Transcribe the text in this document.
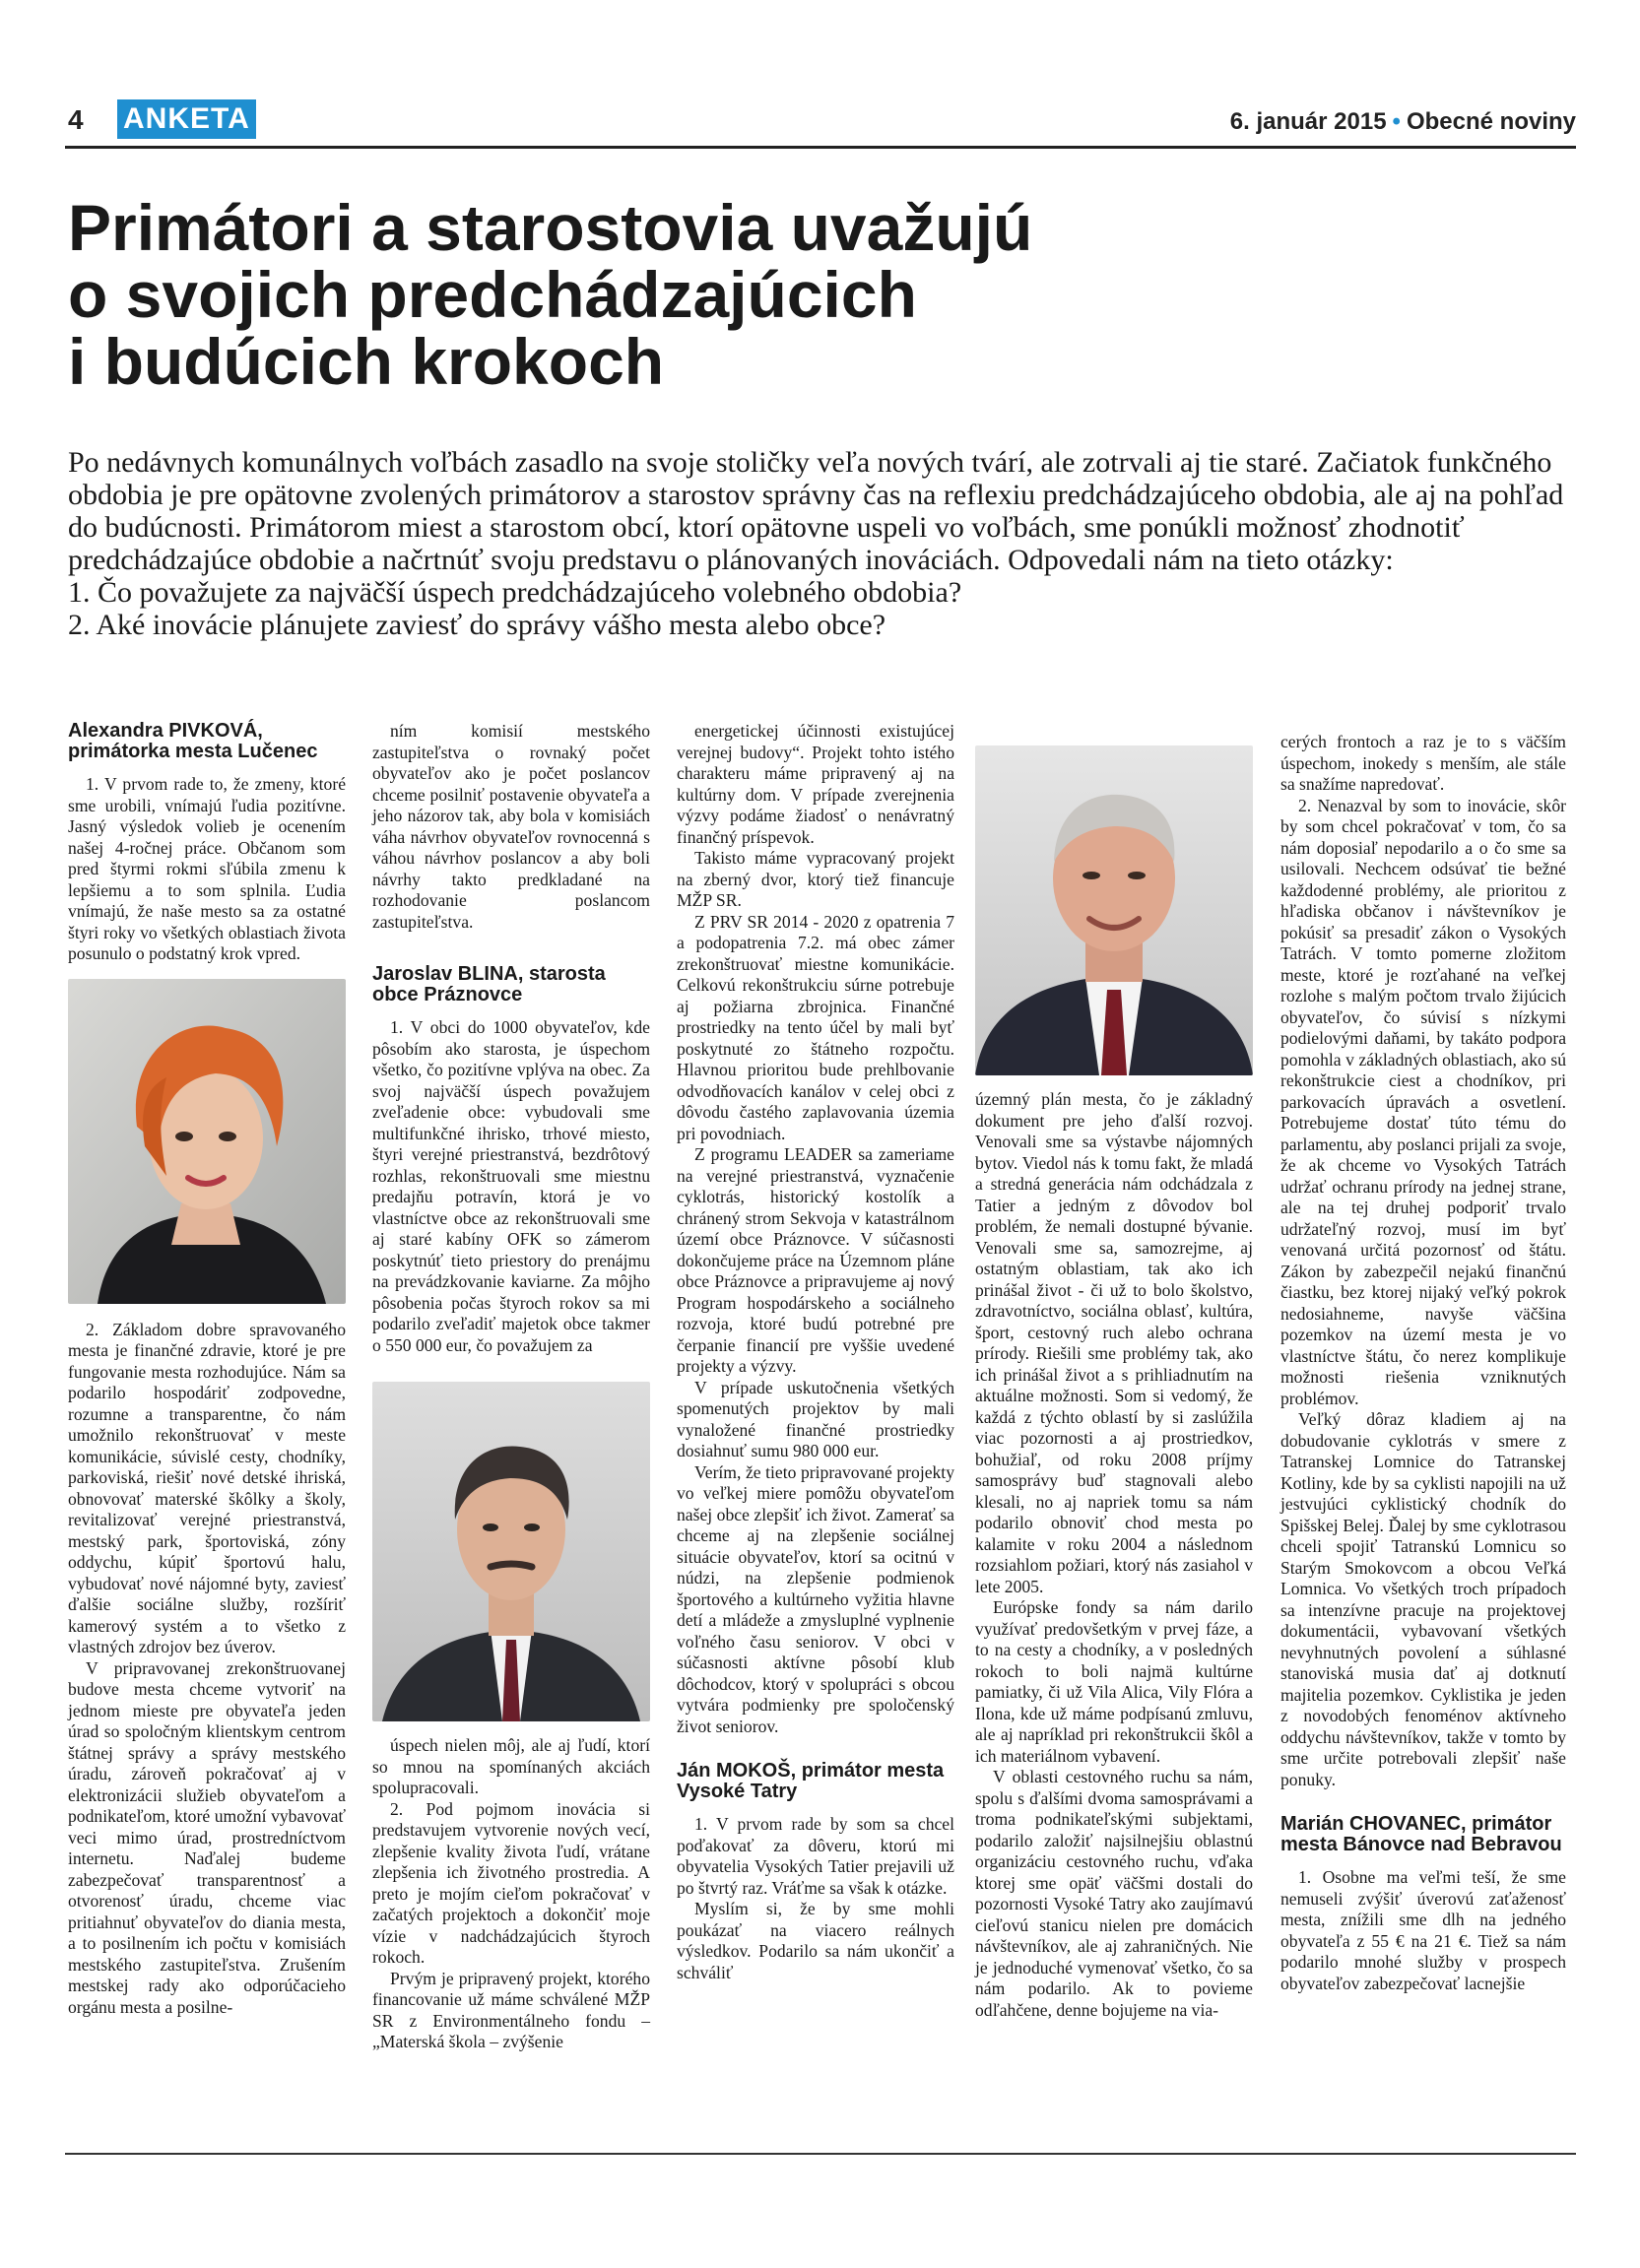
4 ANKETA	6. január 2015 • Obecné noviny
Primátori a starostovia uvažujú
o svojich predchádzajúcich
i budúcich krokoch

Po nedávnych komunálnych voľbách zasadlo na svoje stoličky veľa nových tvárí, ale zotrvali aj tie staré. Začiatok funkčného obdobia je pre opätovne zvolených primátorov a starostov správny čas na reflexiu predchádzajúceho obdobia, ale aj na pohľad do budúcnosti. Primátorom miest a starostom obcí, ktorí opätovne uspeli vo voľbách, sme ponúkli možnosť zhodnotiť predchádzajúce obdobie a načrtnúť svoju predstavu o plánovaných inováciách. Odpovedali nám na tieto otázky:

1. Čo považujete za najväčší úspech predchádzajúceho volebného obdobia?

2. Aké inovácie plánujete zaviesť do správy vášho mesta alebo obce?

Alexandra PIVKOVÁ, primátorka mesta Lučenec

1. V prvom rade to, že zmeny, ktoré sme urobili, vnímajú ľudia pozitívne. Jasný výsledok volieb je ocenením našej 4-ročnej práce. Občanom som pred štyrmi rokmi sľúbila zmenu k lepšiemu a to som splnila. Ľudia vnímajú, že naše mesto sa za ostatné štyri roky vo všetkých oblastiach života posunulo o podstatný krok vpred.

2. Základom dobre spravovaného mesta je finančné zdravie, ktoré je pre fungovanie mesta rozhodujúce. Nám sa podarilo hospodáriť zodpovedne, rozumne a transparentne, čo nám umožnilo rekonštruovať v meste komunikácie, súvislé cesty, chodníky, parkoviská, riešiť nové detské ihriská, obnovovať materské škôlky a školy, revitalizovať verejné priestranstvá, mestský park, športoviská, zóny oddychu, kúpiť športovú halu, vybudovať nové nájomné byty, zaviesť ďalšie sociálne služby, rozšíriť kamerový systém a to všetko z vlastných zdrojov bez úverov.

V pripravovanej zrekonštruovanej budove mesta chceme vytvoriť na jednom mieste pre obyvateľa jeden úrad so spoločným klientskym centrom štátnej správy a správy mestského úradu, zároveň pokračovať aj v elektronizácii služieb obyvateľom a podnikateľom, ktoré umožní vybavovať veci mimo úrad, prostredníctvom internetu. Naďalej budeme zabezpečovať transparentnosť a otvorenosť úradu, chceme viac pritiahnuť obyvateľov do diania mesta, a to posilnením ich počtu v komisiách mestského zastupiteľstva. Zrušením mestskej rady ako odporúčacieho orgánu mesta a posilne-

ním komisií mestského zastupiteľstva o rovnaký počet obyvateľov ako je počet poslancov chceme posilniť postavenie obyvateľa a jeho názorov tak, aby bola v komisiách váha návrhov obyvateľov rovnocenná s váhou návrhov poslancov a aby boli návrhy takto predkladané na rozhodovanie poslancom zastupiteľstva.

Jaroslav BLINA, starosta obce Práznovce

1. V obci do 1000 obyvateľov, kde pôsobím ako starosta, je úspechom všetko, čo pozitívne vplýva na obec. Za svoj najväčší úspech považujem zveľadenie obce: vybudovali sme multifunkčné ihrisko, trhové miesto, štyri verejné priestranstvá, bezdrôtový rozhlas, rekonštruovali sme miestnu predajňu potravín, ktorá je vo vlastníctve obce az rekonštruovali sme aj staré kabíny OFK so zámerom poskytnúť tieto priestory do prenájmu na prevádzkovanie kaviarne. Za môjho pôsobenia počas štyroch rokov sa mi podarilo zveľadiť majetok obce takmer o 550 000 eur, čo považujem za

úspech nielen môj, ale aj ľudí, ktorí so mnou na spomínaných akciách spolupracovali.

2. Pod pojmom inovácia si predstavujem vytvorenie nových vecí, zlepšenie kvality života ľudí, vrátane zlepšenia ich životného prostredia. A preto je mojím cieľom pokračovať v začatých projektoch a dokončiť moje vízie v nadchádzajúcich štyroch rokoch.

Prvým je pripravený projekt, ktorého financovanie už máme schválené MŽP SR z Environmentálneho fondu – „Materská škola – zvýšenie

energetickej účinnosti existujúcej verejnej budovy“. Projekt tohto istého charakteru máme pripravený aj na kultúrny dom. V prípade zverejnenia výzvy podáme žiadosť o nenávratný finančný príspevok.

Takisto máme vypracovaný projekt na zberný dvor, ktorý tiež financuje MŽP SR.

Z PRV SR 2014 - 2020 z opatrenia 7 a podopatrenia 7.2. má obec zámer zrekonštruovať miestne komunikácie. Celkovú rekonštrukciu súrne potrebuje aj požiarna zbrojnica. Finančné prostriedky na tento účel by mali byť poskytnuté zo štátneho rozpočtu. Hlavnou prioritou bude prehlbovanie odvodňovacích kanálov v celej obci z dôvodu častého zaplavovania územia pri povodniach.

Z programu LEADER sa zameriame na verejné priestranstvá, vyznačenie cyklotrás, historický kostolík a chránený strom Sekvoja v katastrálnom území obce Práznovce. V súčasnosti dokončujeme práce na Územnom pláne obce Práznovce a pripravujeme aj nový Program hospodárskeho a sociálneho rozvoja, ktoré budú potrebné pre čerpanie financií pre vyššie uvedené projekty a výzvy.

V prípade uskutočnenia všetkých spomenutých projektov by mali vynaložené finančné prostriedky dosiahnuť sumu 980 000 eur.

Verím, že tieto pripravované projekty vo veľkej miere pomôžu obyvateľom našej obce zlepšiť ich život. Zamerať sa chceme aj na zlepšenie sociálnej situácie obyvateľov, ktorí sa ocitnú v núdzi, na zlepšenie podmienok športového a kultúrneho vyžitia hlavne detí a mládeže a zmysluplné vyplnenie voľného času seniorov. V obci v súčasnosti aktívne pôsobí klub dôchodcov, ktorý v spolupráci s obcou vytvára podmienky pre spoločenský život seniorov.

Ján MOKOŠ, primátor mesta Vysoké Tatry

1. V prvom rade by som sa chcel poďakovať za dôveru, ktorú mi obyvatelia Vysokých Tatier prejavili už po štvrtý raz. Vráťme sa však k otázke.

Myslím si, že by sme mohli poukázať na viacero reálnych výsledkov. Podarilo sa nám ukončiť a schváliť

územný plán mesta, čo je základný dokument pre jeho ďalší rozvoj. Venovali sme sa výstavbe nájomných bytov. Viedol nás k tomu fakt, že mladá a stredná generácia nám odchádzala z Tatier a jedným z dôvodov bol problém, že nemali dostupné bývanie. Venovali sme sa, samozrejme, aj ostatným oblastiam, tak ako ich prinášal život - či už to bolo školstvo, zdravotníctvo, sociálna oblasť, kultúra, šport, cestovný ruch alebo ochrana prírody. Riešili sme problémy tak, ako ich prinášal život a s prihliadnutím na aktuálne možnosti. Som si vedomý, že každá z týchto oblastí by si zaslúžila viac pozornosti a aj prostriedkov, bohužiaľ, od roku 2008 príjmy samosprávy buď stagnovali alebo klesali, no aj napriek tomu sa nám podarilo obnoviť chod mesta po kalamite v roku 2004 a následnom rozsiahlom požiari, ktorý nás zasiahol v lete 2005.

Európske fondy sa nám darilo využívať predovšetkým v prvej fáze, a to na cesty a chodníky, a v posledných rokoch to boli najmä kultúrne pamiatky, či už Vila Alica, Vily Flóra a Ilona, kde už máme podpísanú zmluvu, ale aj napríklad pri rekonštrukcii škôl a ich materiálnom vybavení.

V oblasti cestovného ruchu sa nám, spolu s ďalšími dvoma samosprávami a troma podnikateľskými subjektami, podarilo založiť najsilnejšiu oblastnú organizáciu cestovného ruchu, vďaka ktorej sme opäť väčšmi dostali do pozornosti Vysoké Tatry ako zaujímavú cieľovú stanicu nielen pre domácich návštevníkov, ale aj zahraničných. Nie je jednoduché vymenovať všetko, čo sa nám podarilo. Ak to povieme odľahčene, denne bojujeme na via-

cerých frontoch a raz je to s väčším úspechom, inokedy s menším, ale stále sa snažíme napredovať.

2. Nenazval by som to inovácie, skôr by som chcel pokračovať v tom, čo sa nám doposiaľ nepodarilo a o čo sme sa usilovali. Nechcem odsúvať tie bežné každodenné problémy, ale prioritou z hľadiska občanov i návštevníkov je pokúsiť sa presadiť zákon o Vysokých Tatrách. V tomto pomerne zložitom meste, ktoré je rozťahané na veľkej rozlohe s malým počtom trvalo žijúcich obyvateľov, čo súvisí s nízkymi podielovými daňami, by takáto podpora pomohla v základných oblastiach, ako sú rekonštrukcie ciest a chodníkov, pri parkovacích úpravách a osvetlení. Potrebujeme dostať túto tému do parlamentu, aby poslanci prijali za svoje, že ak chceme vo Vysokých Tatrách udržať ochranu prírody na jednej strane, ale na tej druhej podporiť trvalo udržateľný rozvoj, musí im byť venovaná určitá pozornosť od štátu. Zákon by zabezpečil nejakú finančnú čiastku, bez ktorej nijaký veľký pokrok nedosiahneme, navyše väčšina pozemkov na území mesta je vo vlastníctve štátu, čo nerez komplikuje možnosti riešenia vzniknutých problémov.

Veľký dôraz kladiem aj na dobudovanie cyklotrás v smere z Tatranskej Lomnice do Tatranskej Kotliny, kde by sa cyklisti napojili na už jestvujúci cyklistický chodník do Spišskej Belej. Ďalej by sme cyklotrasou chceli spojiť Tatranskú Lomnicu so Starým Smokovcom a obcou Veľká Lomnica. Vo všetkých troch prípadoch sa intenzívne pracuje na projektovej dokumentácii, vybavovaní všetkých nevyhnutných povolení a súhlasné stanoviská musia dať aj dotknutí majitelia pozemkov. Cyklistika je jeden z novodobých fenoménov aktívneho oddychu návštevníkov, takže v tomto by sme určite potrebovali zlepšiť naše ponuky.

Marián CHOVANEC, primátor mesta Bánovce nad Bebravou

1. Osobne ma veľmi teší, že sme nemuseli zvýšiť úverovú zaťaženosť mesta, znížili sme dlh na jedného obyvateľa z 55 € na 21 €. Tiež sa nám podarilo mnohé služby v prospech obyvateľov zabezpečovať lacnejšie
